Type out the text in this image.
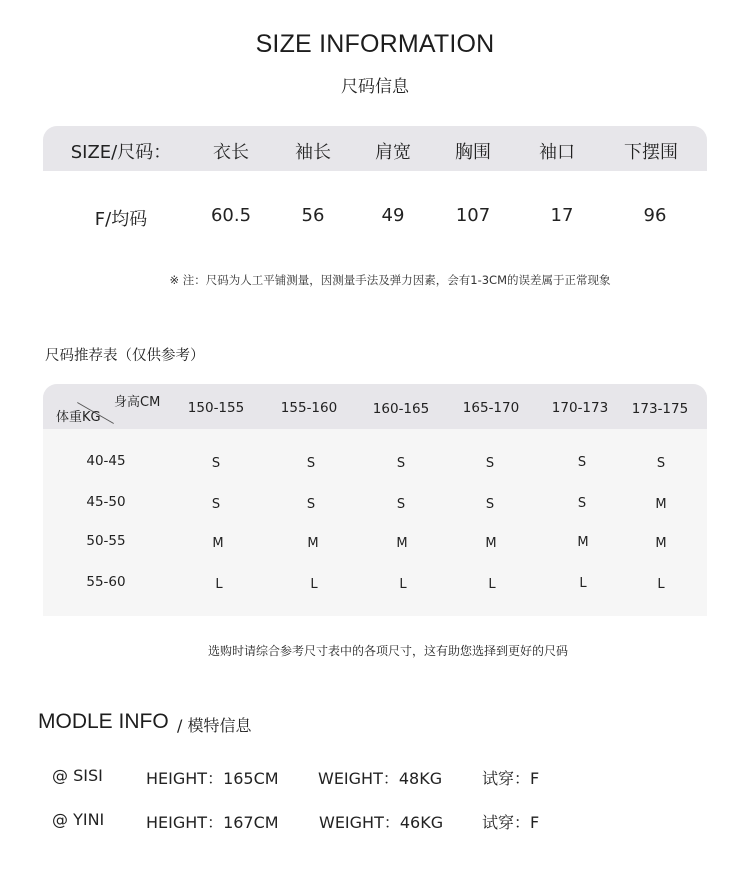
SIZE INFORMATION
尺码信息
SIZE/尺码： 衣长	袖长 肩宽 胸围	袖口	下摆围
F/均码	60.5	56	49	107	17	96
※ 注：尺码为人工平铺测量，因测量手法及弹力因素，会有1-3CM的误差属于正常现象
尺码推荐表（仅供参考）
身高CM
体重KG
150-155	155-160	160-165 165-170 170-173 173-175
40-45	S	S	S	S	S	S
45-50	S	S	S	S	S	M
50-55	M	M	M	M	M	M
55-60	L	L	L	L	L	L
选购时请综合参考尺寸表中的各项尺寸，这有助您选择到更好的尺码
MODLE INFO / 模特信息
@ SISI	HEIGHT：165CM WEIGHT：48KG 试穿：F
@ YINI	HEIGHT：167CM	WEIGHT：46KG 试穿：F
